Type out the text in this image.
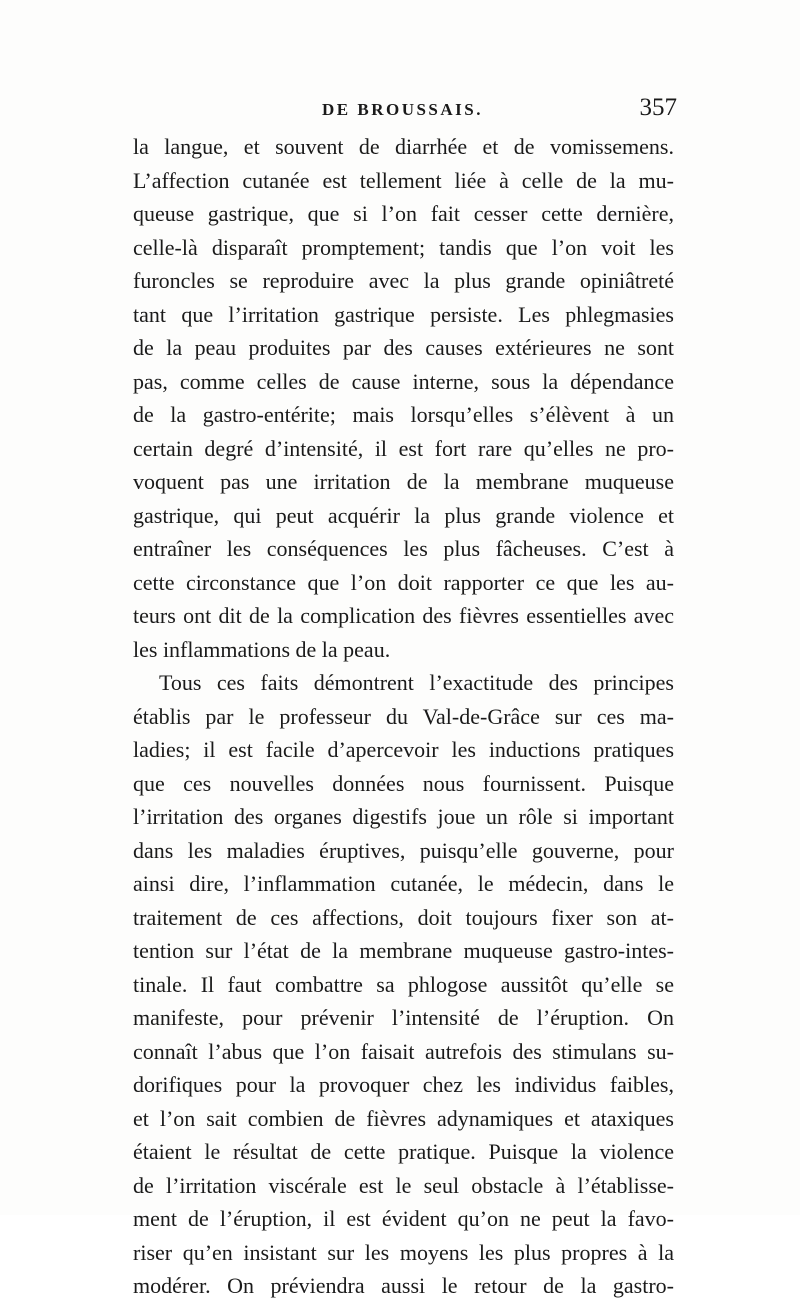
DE BROUSSAIS.	357
la langue, et souvent de diarrhée et de vomissemens.
L’affection cutanée est tellement liée à celle de la mu-
queuse gastrique, que si l’on fait cesser cette dernière,
celle-là disparaît promptement; tandis que l’on voit les
furoncles se reproduire avec la plus grande opiniâtreté
tant que l’irritation gastrique persiste. Les phlegmasies
de la peau produites par des causes extérieures ne sont
pas, comme celles de cause interne, sous la dépendance
de la gastro-entérite; mais lorsqu’elles s’élèvent à un
certain degré d’intensité, il est fort rare qu’elles ne pro-
voquent pas une irritation de la membrane muqueuse
gastrique, qui peut acquérir la plus grande violence et
entraîner les conséquences les plus fâcheuses. C’est à
cette circonstance que l’on doit rapporter ce que les au-
teurs ont dit de la complication des fièvres essentielles avec
les inflammations de la peau.
Tous ces faits démontrent l’exactitude des principes
établis par le professeur du Val-de-Grâce sur ces ma-
ladies; il est facile d’apercevoir les inductions pratiques
que ces nouvelles données nous fournissent. Puisque
l’irritation des organes digestifs joue un rôle si important
dans les maladies éruptives, puisqu’elle gouverne, pour
ainsi dire, l’inflammation cutanée, le médecin, dans le
traitement de ces affections, doit toujours fixer son at-
tention sur l’état de la membrane muqueuse gastro-intes-
tinale. Il faut combattre sa phlogose aussitôt qu’elle se
manifeste, pour prévenir l’intensité de l’éruption. On
connaît l’abus que l’on faisait autrefois des stimulans su-
dorifiques pour la provoquer chez les individus faibles,
et l’on sait combien de fièvres adynamiques et ataxiques
étaient le résultat de cette pratique. Puisque la violence
de l’irritation viscérale est le seul obstacle à l’établisse-
ment de l’éruption, il est évident qu’on ne peut la favo-
riser qu’en insistant sur les moyens les plus propres à la
modérer. On préviendra aussi le retour de la gastro-
